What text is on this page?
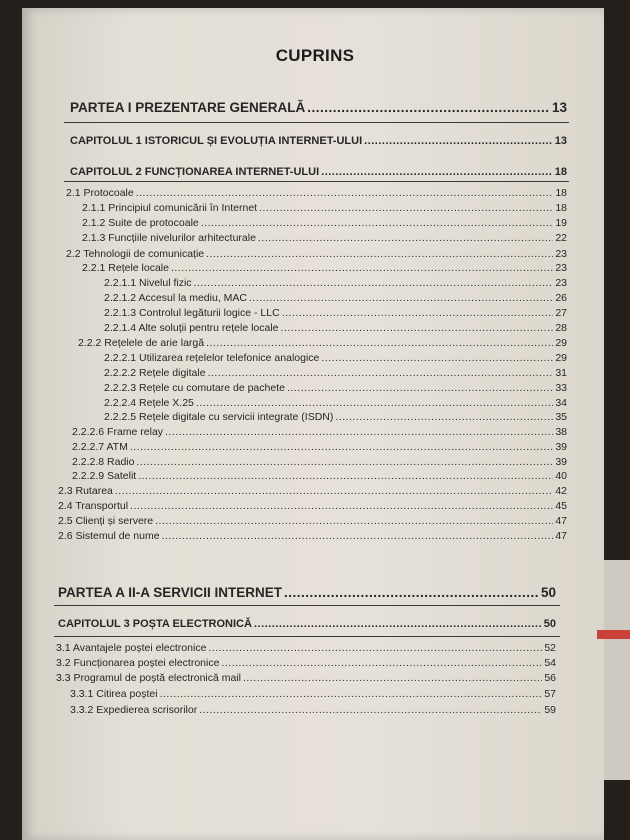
CUPRINS
PARTEA I PREZENTARE GENERALĂ .....	13
CAPITOLUL 1 ISTORICUL ȘI EVOLUȚIA INTERNET-ULUI .....	13
CAPITOLUL 2 FUNCȚIONAREA INTERNET-ULUI .....	18
2.1 Protocoale .....	18
2.1.1 Principiul comunicării în Internet .....	18
2.1.2 Suite de protocoale .....	19
2.1.3 Funcțiile nivelurilor arhitecturale .....	22
2.2 Tehnologii de comunicație .....	23
2.2.1 Rețele locale .....	23
2.2.1.1 Nivelul fizic .....	23
2.2.1.2 Accesul la mediu, MAC .....	26
2.2.1.3 Controlul legăturii logice - LLC .....	27
2.2.1.4 Alte soluții pentru rețele locale .....	28
2.2.2 Rețelele de arie largă .....	29
2.2.2.1 Utilizarea rețelelor telefonice analogice .....	29
2.2.2.2 Rețele digitale .....	31
2.2.2.3 Rețele cu comutare de pachete .....	33
2.2.2.4 Rețele X.25 .....	34
2.2.2.5 Rețele digitale cu servicii integrate (ISDN) .....	35
2.2.2.6 Frame relay .....	38
2.2.2.7 ATM .....	39
2.2.2.8 Radio .....	39
2.2.2.9 Satelit .....	40
2.3 Rutarea .....	42
2.4 Transportul .....	45
2.5 Clienți și servere .....	47
2.6 Sistemul de nume .....	47
PARTEA A II-A SERVICII INTERNET .....	50
CAPITOLUL 3 POȘTA ELECTRONICĂ .....	50
3.1 Avantajele poștei electronice .....	52
3.2 Funcționarea poștei electronice .....	54
3.3 Programul de poștă electronică mail .....	56
3.3.1 Citirea poștei .....	57
3.3.2 Expedierea scrisorilor .....	59
